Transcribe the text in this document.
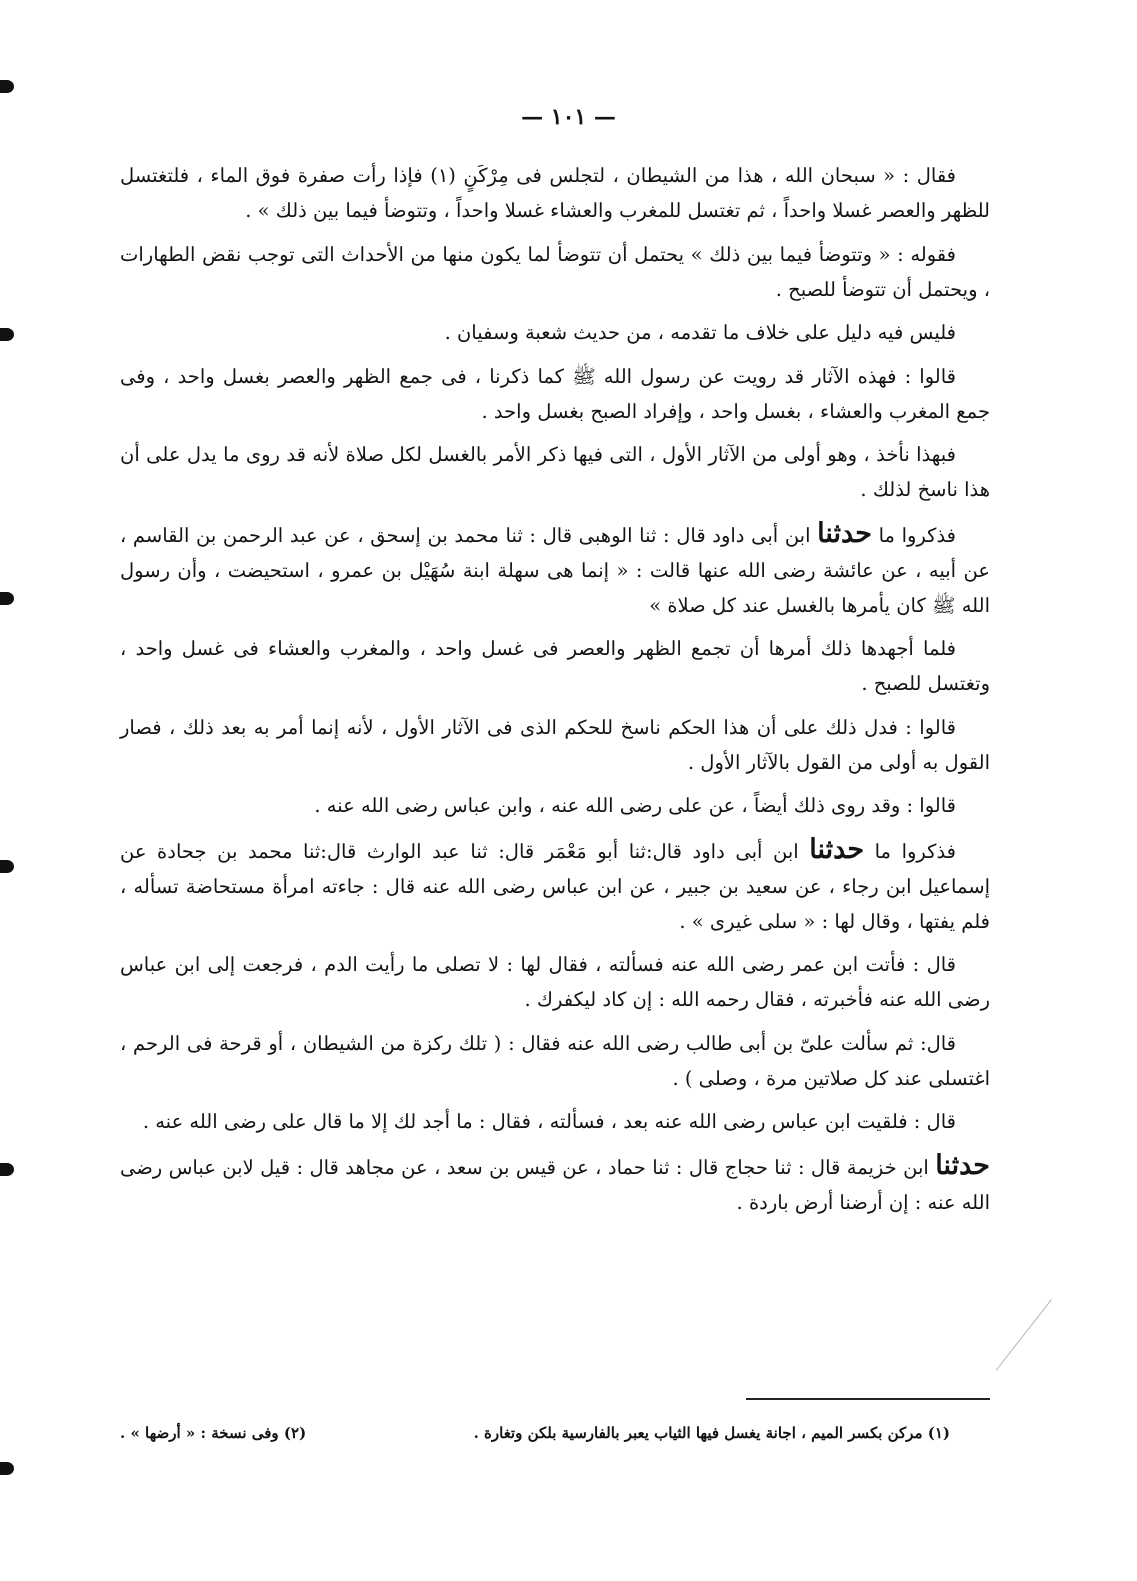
— ١٠١ —

فقال : « سبحان الله ، هذا من الشيطان ، لتجلس فى مِرْكَنٍ (١) فإذا رأت صفرة فوق الماء ، فلتغتسل للظهر والعصر غسلا واحداً ، ثم تغتسل للمغرب والعشاء غسلا واحداً ، وتتوضأ فيما بين ذلك » .

فقوله : « وتتوضأ فيما بين ذلك » يحتمل أن تتوضأ لما يكون منها من الأحداث التى توجب نقض الطهارات ، ويحتمل أن تتوضأ للصبح .

فليس فيه دليل على خلاف ما تقدمه ، من حديث شعبة وسفيان .

قالوا : فهذه الآثار قد رويت عن رسول الله ﷺ كما ذكرنا ، فى جمع الظهر والعصر بغسل واحد ، وفى جمع المغرب والعشاء ، بغسل واحد ، وإفراد الصبح بغسل واحد .

فبهذا نأخذ ، وهو أولى من الآثار الأول ، التى فيها ذكر الأمر بالغسل لكل صلاة لأنه قد روى ما يدل على أن هذا ناسخ لذلك .

فذكروا ما حدثنا ابن أبى داود قال : ثنا الوهبى قال : ثنا محمد بن إسحق ، عن عبد الرحمن بن القاسم ، عن أبيه ، عن عائشة رضى الله عنها قالت : « إنما هى سهلة ابنة سُهَيْل بن عمرو ، استحيضت ، وأن رسول الله ﷺ كان يأمرها بالغسل عند كل صلاة »

فلما أجهدها ذلك أمرها أن تجمع الظهر والعصر فى غسل واحد ، والمغرب والعشاء فى غسل واحد ، وتغتسل للصبح .

قالوا : فدل ذلك على أن هذا الحكم ناسخ للحكم الذى فى الآثار الأول ، لأنه إنما أمر به بعد ذلك ، فصار القول به أولى من القول بالآثار الأول .

قالوا : وقد روى ذلك أيضاً ، عن على رضى الله عنه ، وابن عباس رضى الله عنه .

فذكروا ما حدثنا ابن أبى داود قال:ثنا أبو مَعْمَر قال: ثنا عبد الوارث قال:ثنا محمد بن جحادة عن إسماعيل ابن رجاء ، عن سعيد بن جبير ، عن ابن عباس رضى الله عنه قال : جاءته امرأة مستحاضة تسأله ، فلم يفتها ، وقال لها : « سلى غيرى » .

قال : فأتت ابن عمر رضى الله عنه فسألته ، فقال لها : لا تصلى ما رأيت الدم ، فرجعت إلى ابن عباس رضى الله عنه فأخبرته ، فقال رحمه الله : إن كاد ليكفرك .

قال: ثم سألت علىّ بن أبى طالب رضى الله عنه فقال : ( تلك ركزة من الشيطان ، أو قرحة فى الرحم ، اغتسلى عند كل صلاتين مرة ، وصلى ) .

قال : فلقيت ابن عباس رضى الله عنه بعد ، فسألته ، فقال : ما أجد لك إلا ما قال على رضى الله عنه .

حدثنا ابن خزيمة قال : ثنا حجاج قال : ثنا حماد ، عن قيس بن سعد ، عن مجاهد قال : قيل لابن عباس رضى الله عنه : إن أرضنا أرض باردة .

(١) مركن بكسر الميم ، اجانة يغسل فيها الثياب يعبر بالفارسية بلكن وتغارة .
(٢) وفى نسخة : « أرضها » .
